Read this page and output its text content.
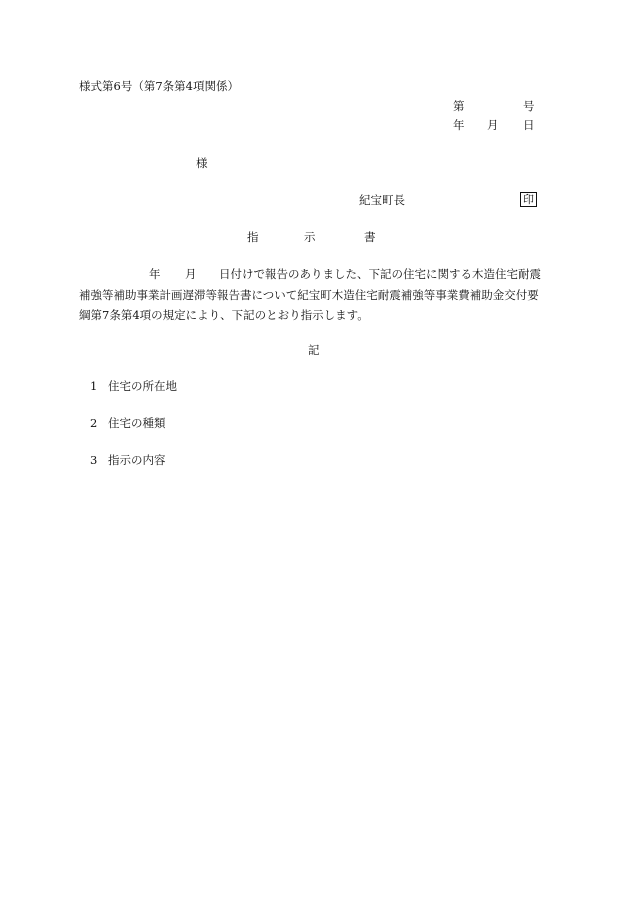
様式第6号（第7条第4項関係）
第	号
年 月 日
様
紀宝町長	印
指	示	書
年 月 日付けで報告のありました、下記の住宅に関する木造住宅耐震
補強等補助事業計画遅滞等報告書について紀宝町木造住宅耐震補強等事業費補助金交付要
綱第7条第4項の規定により、下記のとおり指示します。
記
1 住宅の所在地
2 住宅の種類
3 指示の内容
